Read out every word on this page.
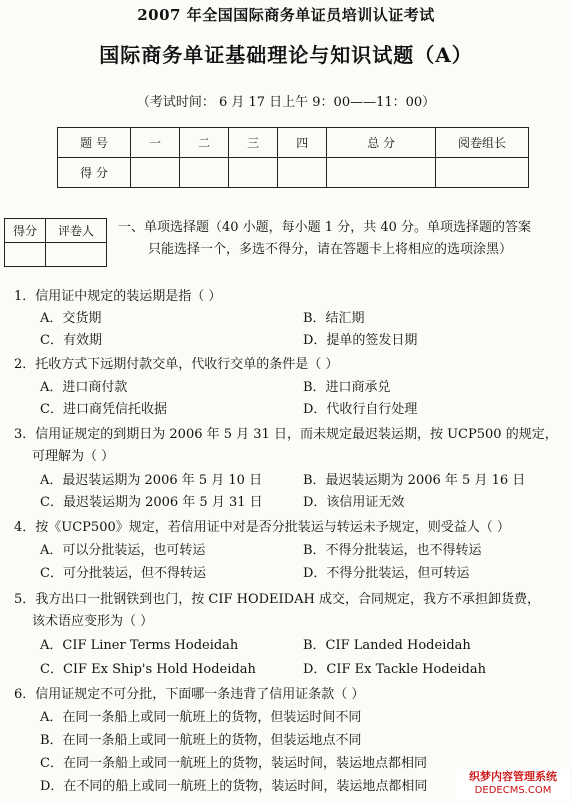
2007 年全国国际商务单证员培训认证考试
国际商务单证基础理论与知识试题（A）
（考试时间： 6 月 17 日上午 9：00——11：00）
题 号	一	二	三	四	总 分	阅卷组长
得 分						
得分	评卷人
	一、单项选择题（40 小题，每小题 1 分，共 40 分。单项选择题的答案
只能选择一个，多选不得分，请在答题卡上将相应的选项涂黑）
1．信用证中规定的装运期是指（ ）
A．交货期	B．结汇期
C．有效期	D．提单的签发日期
2．托收方式下远期付款交单，代收行交单的条件是（ ）
A．进口商付款	B．进口商承兑
C．进口商凭信托收据	D．代收行自行处理
3．信用证规定的到期日为 2006 年 5 月 31 日，而未规定最迟装运期，按 UCP500 的规定，
可理解为（ ）
A．最迟装运期为 2006 年 5 月 10 日	B．最迟装运期为 2006 年 5 月 16 日
C．最迟装运期为 2006 年 5 月 31 日	D．该信用证无效
4．按《UCP500》规定，若信用证中对是否分批装运与转运未予规定，则受益人（ ）
A．可以分批装运，也可转运	B．不得分批装运，也不得转运
C．可分批装运，但不得转运	D．不得分批装运，但可转运
5．我方出口一批钢铁到也门，按 CIF HODEIDAH 成交，合同规定，我方不承担卸货费，
该术语应变形为（ ）
A．CIF Liner Terms Hodeidah	B．CIF Landed Hodeidah
C．CIF Ex Ship's Hold Hodeidah	D．CIF Ex Tackle Hodeidah
6．信用证规定不可分批，下面哪一条违背了信用证条款（ ）
A．在同一条船上或同一航班上的货物，但装运时间不同
B．在同一条船上或同一航班上的货物，但装运地点不同
C．在同一条船上或同一航班上的货物，装运时间，装运地点都相同
D．在不同的船上或同一航班上的货物，装运时间，装运地点都相同
织梦内容管理系统
DEDECMS.COM
